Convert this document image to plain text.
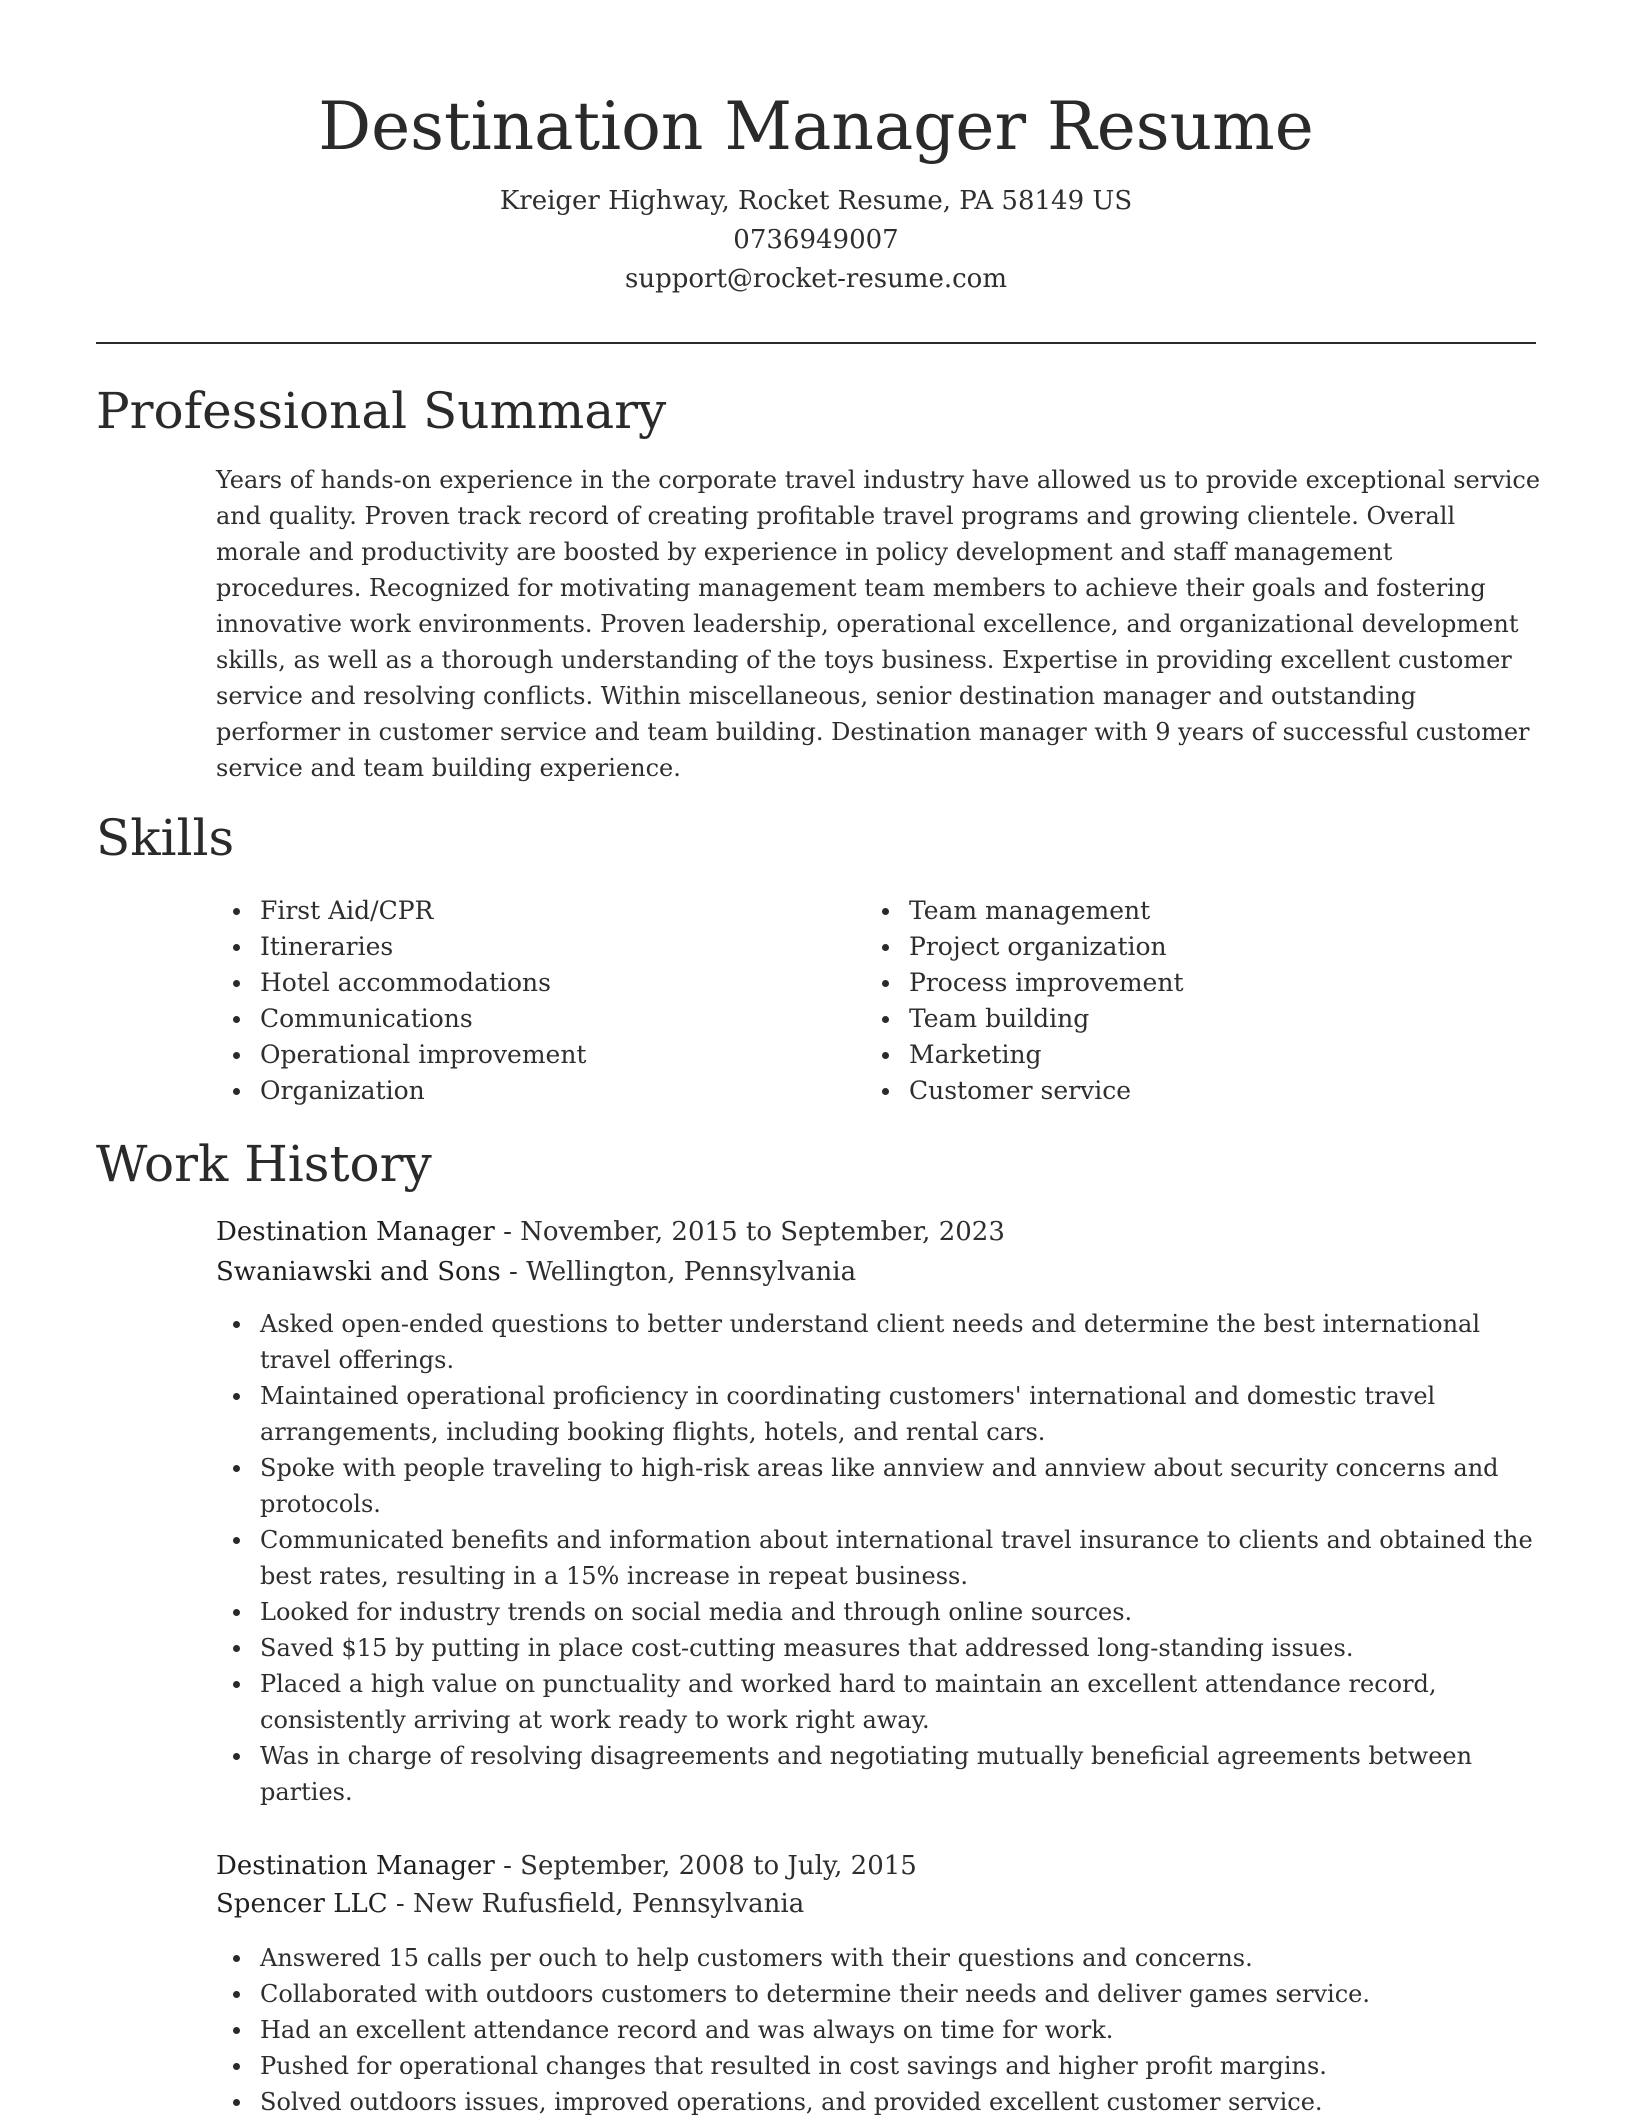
Destination Manager Resume
Kreiger Highway, Rocket Resume, PA 58149 US
0736949007
support@rocket-resume.com
Professional Summary

Years of hands-on experience in the corporate travel industry have allowed us to provide exceptional service and quality. Proven track record of creating profitable travel programs and growing clientele. Overall morale and productivity are boosted by experience in policy development and staff management procedures. Recognized for motivating management team members to achieve their goals and fostering innovative work environments. Proven leadership, operational excellence, and organizational development skills, as well as a thorough understanding of the toys business. Expertise in providing excellent customer service and resolving conflicts. Within miscellaneous, senior destination manager and outstanding performer in customer service and team building. Destination manager with 9 years of successful customer service and team building experience.

Skills
First Aid/CPR
Itineraries
Hotel accommodations
Communications
Operational improvement
Organization
Team management
Project organization
Process improvement
Team building
Marketing
Customer service
Work History
Destination Manager - November, 2015 to September, 2023
Swaniawski and Sons - Wellington, Pennsylvania
Asked open-ended questions to better understand client needs and determine the best international travel offerings.
Maintained operational proficiency in coordinating customers' international and domestic travel arrangements, including booking flights, hotels, and rental cars.
Spoke with people traveling to high-risk areas like annview and annview about security concerns and protocols.
Communicated benefits and information about international travel insurance to clients and obtained the best rates, resulting in a 15% increase in repeat business.
Looked for industry trends on social media and through online sources.
Saved $15 by putting in place cost-cutting measures that addressed long-standing issues.
Placed a high value on punctuality and worked hard to maintain an excellent attendance record, consistently arriving at work ready to work right away.
Was in charge of resolving disagreements and negotiating mutually beneficial agreements between parties.
Destination Manager - September, 2008 to July, 2015
Spencer LLC - New Rufusfield, Pennsylvania
Answered 15 calls per ouch to help customers with their questions and concerns.
Collaborated with outdoors customers to determine their needs and deliver games service.
Had an excellent attendance record and was always on time for work.
Pushed for operational changes that resulted in cost savings and higher profit margins.
Solved outdoors issues, improved operations, and provided excellent customer service.
